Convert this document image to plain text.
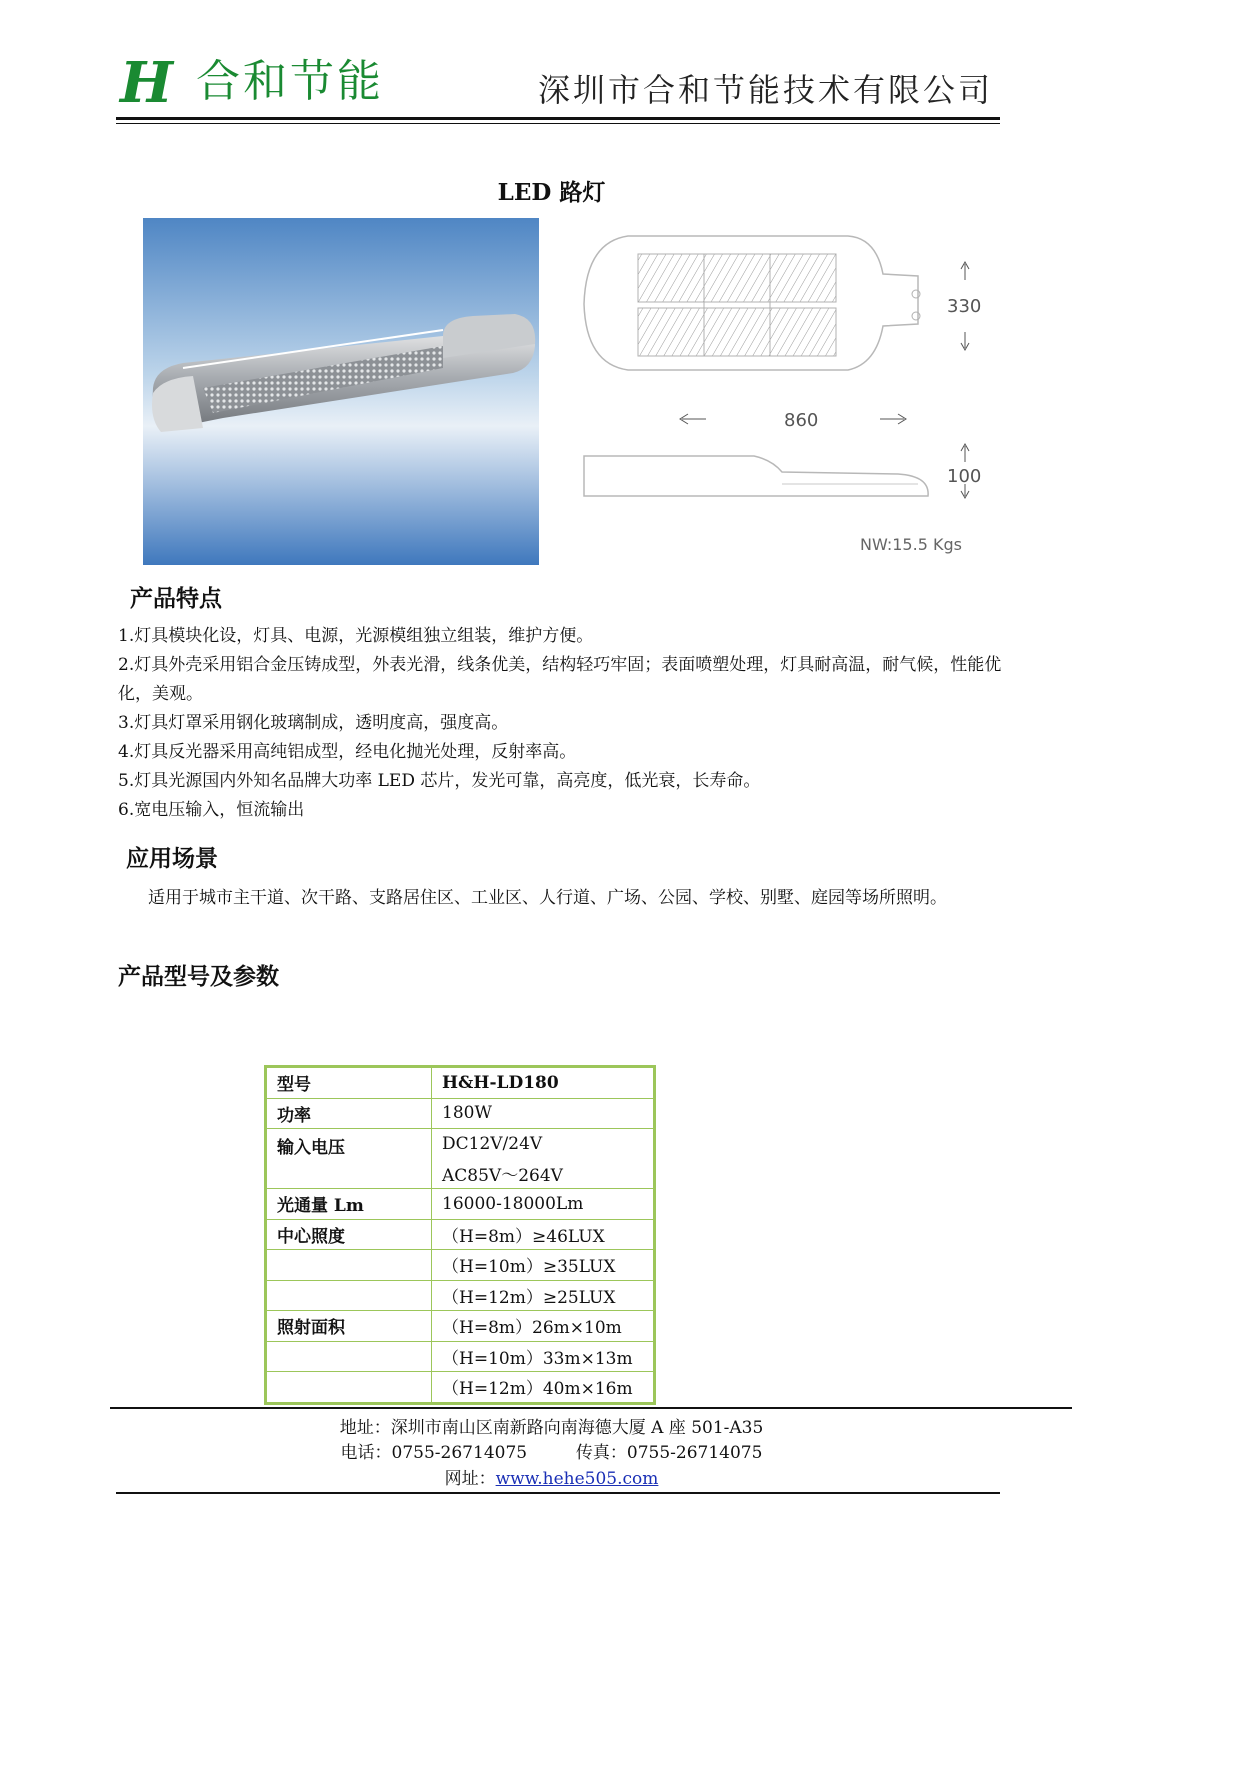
H 合和节能	深圳市合和节能技术有限公司
LED 路灯
330
860
100
NW:15.5 Kgs
产品特点
1.灯具模块化设，灯具、电源，光源模组独立组装，维护方便。
2.灯具外壳采用铝合金压铸成型，外表光滑，线条优美，结构轻巧牢固；表面喷塑处理，灯具耐高温，耐气候，性能优化，美观。
3.灯具灯罩采用钢化玻璃制成，透明度高，强度高。
4.灯具反光器采用高纯铝成型，经电化抛光处理，反射率高。
5.灯具光源国内外知名品牌大功率 LED 芯片，发光可靠，高亮度，低光衰，长寿命。
6.宽电压输入，恒流输出
应用场景
适用于城市主干道、次干路、支路居住区、工业区、人行道、广场、公园、学校、别墅、庭园等场所照明。
产品型号及参数
型号	H&H-LD180
功率	180W
输入电压	DC12V/24V
	AC85V～264V
光通量 Lm	16000-18000Lm
中心照度	（H=8m）≥46LUX
	（H=10m）≥35LUX
	（H=12m）≥25LUX
照射面积	（H=8m）26m×10m
	（H=10m）33m×13m
	（H=12m）40m×16m
地址：深圳市南山区南新路向南海德大厦 A 座 501-A35
电话：0755-26714075	传真：0755-26714075
网址：www.hehe505.com
